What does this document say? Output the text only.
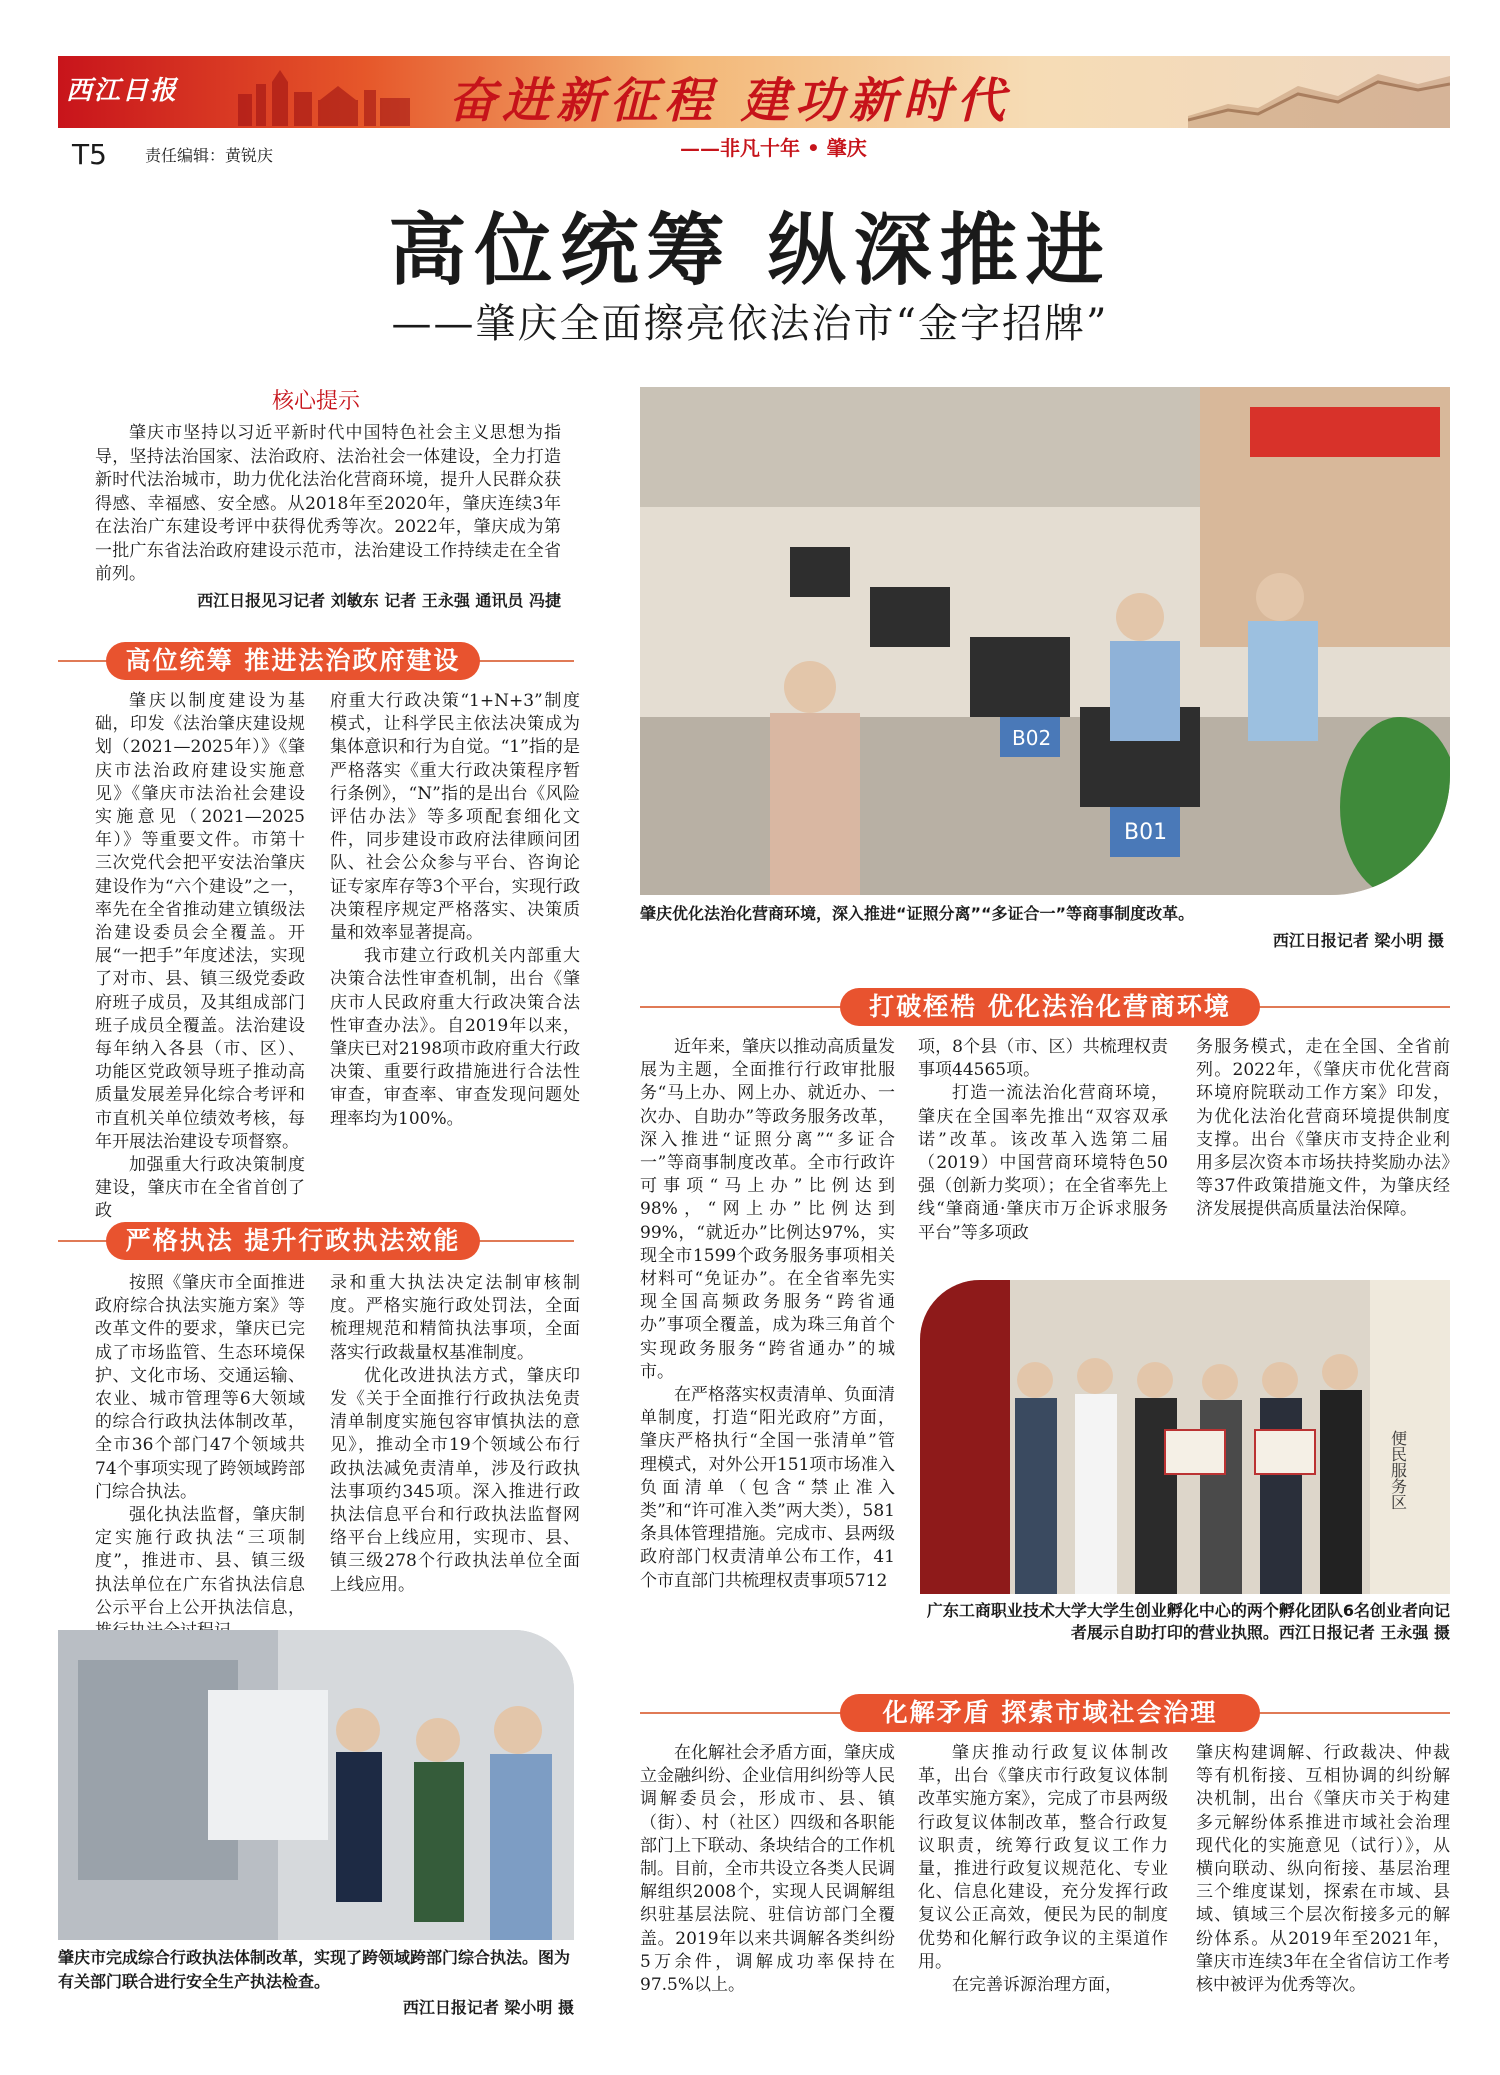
西江日报	奋进新征程 建功新时代
——非凡十年 • 肇庆
T5 责任编辑：黄锐庆
高位统筹 纵深推进
——肇庆全面擦亮依法治市“金字招牌”
核心提示

肇庆市坚持以习近平新时代中国特色社会主义思想为指导，坚持法治国家、法治政府、法治社会一体建设，全力打造新时代法治城市，助力优化法治化营商环境，提升人民群众获得感、幸福感、安全感。从2018年至2020年，肇庆连续3年在法治广东建设考评中获得优秀等次。2022年，肇庆成为第一批广东省法治政府建设示范市，法治建设工作持续走在全省前列。

西江日报见习记者 刘敏东 记者 王永强 通讯员 冯捷
高位统筹 推进法治政府建设

肇庆以制度建设为基础，印发《法治肇庆建设规划（2021—2025年）》《肇庆市法治政府建设实施意见》《肇庆市法治社会建设实施意见（2021—2025年）》等重要文件。市第十三次党代会把平安法治肇庆建设作为“六个建设”之一，率先在全省推动建立镇级法治建设委员会全覆盖。开展“一把手”年度述法，实现了对市、县、镇三级党委政府班子成员，及其组成部门班子成员全覆盖。法治建设每年纳入各县（市、区）、功能区党政领导班子推动高质量发展差异化综合考评和市直机关单位绩效考核，每年开展法治建设专项督察。

加强重大行政决策制度建设，肇庆市在全省首创了政

府重大行政决策“1+N+3”制度模式，让科学民主依法决策成为集体意识和行为自觉。“1”指的是严格落实《重大行政决策程序暂行条例》，“N”指的是出台《风险评估办法》等多项配套细化文件，同步建设市政府法律顾问团队、社会公众参与平台、咨询论证专家库存等3个平台，实现行政决策程序规定严格落实、决策质量和效率显著提高。

我市建立行政机关内部重大决策合法性审查机制，出台《肇庆市人民政府重大行政决策合法性审查办法》。自2019年以来，肇庆已对2198项市政府重大行政决策、重要行政措施进行合法性审查，审查率、审查发现问题处理率均为100%。

严格执法 提升行政执法效能

按照《肇庆市全面推进政府综合执法实施方案》等改革文件的要求，肇庆已完成了市场监管、生态环境保护、文化市场、交通运输、农业、城市管理等6大领域的综合行政执法体制改革，全市36个部门47个领域共74个事项实现了跨领域跨部门综合执法。

强化执法监督，肇庆制定实施行政执法“三项制度”，推进市、县、镇三级执法单位在广东省执法信息公示平台上公开执法信息，

录和重大执法决定法制审核制度。严格实施行政处罚法，全面梳理规范和精简执法事项，全面落实行政裁量权基准制度。

优化改进执法方式，肇庆印发《关于全面推行行政执法免责清单制度实施包容审慎执法的意见》，推动全市19个领域公布行政执法减免责清单，涉及行政执法事项约345项。深入推进行政执法信息平台和行政执法监督网络平台上线应用，实现市、县、镇三级278个行政执法单位全面上线应用。

肇庆市完成综合行政执法体制改革，实现了跨领域跨部门综合执法。图为有关部门联合进行安全生产执法检查。
西江日报记者 梁小明 摄
B02
B01
肇庆优化法治化营商环境，深入推进“证照分离”“多证合一”等商事制度改革。
西江日报记者 梁小明 摄
打破桎梏 优化法治化营商环境

近年来，肇庆以推动高质量发展为主题，全面推行行政审批服务“马上办、网上办、就近办、一次办、自助办”等政务服务改革，深入推进“证照分离”“多证合一”等商事制度改革。全市行政许可事项“马上办”比例达到98%，“网上办”比例达到99%，“就近办”比例达97%，实现全市1599个政务服务事项相关材料可“免证办”。在全省率先实现全国高频政务服务“跨省通办”事项全覆盖，成为珠三角首个实现政务服务“跨省通办”的城市。

在严格落实权责清单、负面清单制度，打造“阳光政府”方面，肇庆严格执行“全国一张清单”管理模式，对外公开151项市场准入负面清单（包含“禁止准入类”和“许可准入类”两大类），581条具体管理措施。完成市、县两级政府部门权责清单公布工作，41个市直部门共梳理权责事项5712

项，8个县（市、区）共梳理权责事项44565项。

打造一流法治化营商环境，肇庆在全国率先推出“双容双承诺”改革。该改革入选第二届（2019）中国营商环境特色50强（创新力奖项）；在全省率先上线“肇商通·肇庆市万企诉求服务平台”等多项政

务服务模式，走在全国、全省前列。2022年，《肇庆市优化营商环境府院联动工作方案》印发，为优化法治化营商环境提供制度支撑。出台《肇庆市支持企业利用多层次资本市场扶持奖励办法》等37件政策措施文件，为肇庆经济发展提供高质量法治保障。

便民服务区
广东工商职业技术大学大学生创业孵化中心的两个孵化团队6名创业者向记者展示自助打印的营业执照。西江日报记者 王永强 摄
化解矛盾 探索市域社会治理

在化解社会矛盾方面，肇庆成立金融纠纷、企业信用纠纷等人民调解委员会，形成市、县、镇（街）、村（社区）四级和各职能部门上下联动、条块结合的工作机制。目前，全市共设立各类人民调解组织2008个，实现人民调解组织驻基层法院、驻信访部门全覆盖。2019年以来共调解各类纠纷5万余件，调解成功率保持在97.5%以上。

肇庆推动行政复议体制改革，出台《肇庆市行政复议体制改革实施方案》，完成了市县两级行政复议体制改革，整合行政复议职责，统筹行政复议工作力量，推进行政复议规范化、专业化、信息化建设，充分发挥行政复议公正高效，便民为民的制度优势和化解行政争议的主渠道作用。

在完善诉源治理方面，

肇庆构建调解、行政裁决、仲裁等有机衔接、互相协调的纠纷解决机制，出台《肇庆市关于构建多元解纷体系推进市域社会治理现代化的实施意见（试行）》，从横向联动、纵向衔接、基层治理三个维度谋划，探索在市域、县域、镇域三个层次衔接多元的解纷体系。从2019年至2021年，肇庆市连续3年在全省信访工作考核中被评为优秀等次。
